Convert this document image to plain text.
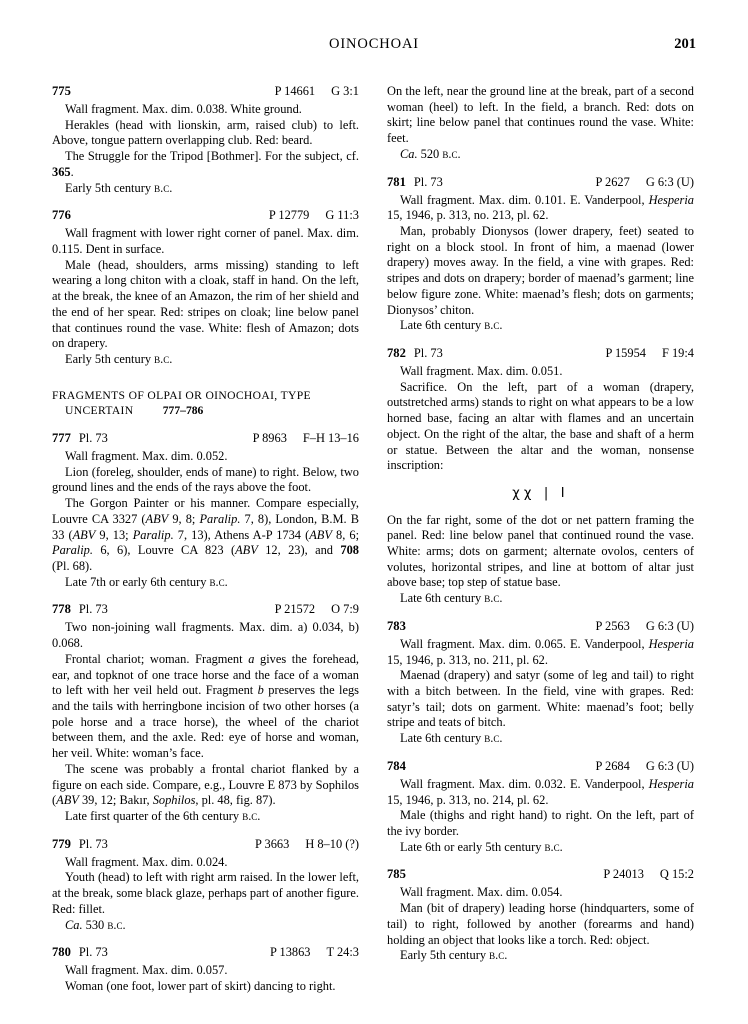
OINOCHOAI	201
775	P 14661 G 3:1

Wall fragment. Max. dim. 0.038. White ground.

Herakles (head with lionskin, arm, raised club) to left. Above, tongue pattern overlapping club. Red: beard.

The Struggle for the Tripod [Bothmer]. For the subject, cf. 365.

Early 5th century b.c.

776	P 12779 G 11:3

Wall fragment with lower right corner of panel. Max. dim. 0.115. Dent in surface.

Male (head, shoulders, arms missing) standing to left wearing a long chiton with a cloak, staff in hand. On the left, at the break, the knee of an Amazon, the rim of her shield and the end of her spear. Red: stripes on cloak; line below panel that continues round the vase. White: flesh of Amazon; dots on drapery.

Early 5th century b.c.

FRAGMENTS OF OLPAI OR OINOCHOAI, TYPE
UNCERTAIN	777–786
777 Pl. 73	P 8963 F–H 13–16

Wall fragment. Max. dim. 0.052.

Lion (foreleg, shoulder, ends of mane) to right. Below, two ground lines and the ends of the rays above the foot.

The Gorgon Painter or his manner. Compare especially, Louvre CA 3327 (ABV 9, 8; Paralip. 7, 8), London, B.M. B 33 (ABV 9, 13; Paralip. 7, 13), Athens A-P 1734 (ABV 8, 6; Paralip. 6, 6), Louvre CA 823 (ABV 12, 23), and 708 (Pl. 68).

Late 7th or early 6th century b.c.

778 Pl. 73	P 21572 O 7:9

Two non-joining wall fragments. Max. dim. a) 0.034, b) 0.068.

Frontal chariot; woman. Fragment a gives the forehead, ear, and topknot of one trace horse and the face of a woman to left with her veil held out. Fragment b preserves the legs and the tails with herringbone incision of two other horses (a pole horse and a trace horse), the wheel of the chariot between them, and the axle. Red: eye of horse and woman, her veil. White: woman’s face.

The scene was probably a frontal chariot flanked by a figure on each side. Compare, e.g., Louvre E 873 by Sophilos (ABV 39, 12; Bakır, Sophilos, pl. 48, fig. 87).

Late first quarter of the 6th century b.c.

779 Pl. 73	P 3663 H 8–10 (?)

Wall fragment. Max. dim. 0.024.

Youth (head) to left with right arm raised. In the lower left, at the break, some black glaze, perhaps part of another figure. Red: fillet.

Ca. 530 b.c.

780 Pl. 73	P 13863 T 24:3

Wall fragment. Max. dim. 0.057.

Woman (one foot, lower part of skirt) dancing to right.

On the left, near the ground line at the break, part of a second woman (heel) to left. In the field, a branch. Red: dots on skirt; line below panel that continues round the vase. White: feet.

Ca. 520 b.c.

781 Pl. 73	P 2627 G 6:3 (U)

Wall fragment. Max. dim. 0.101. E. Vanderpool, Hesperia 15, 1946, p. 313, no. 213, pl. 62.

Man, probably Dionysos (lower drapery, feet) seated to right on a block stool. In front of him, a maenad (lower drapery) moves away. In the field, a vine with grapes. Red: stripes and dots on drapery; border of maenad’s garment; line below figure zone. White: maenad’s flesh; dots on garments; Dionysos’ chiton.

Late 6th century b.c.

782 Pl. 73	P 15954 F 19:4

Wall fragment. Max. dim. 0.051.

Sacrifice. On the left, part of a woman (drapery, outstretched arms) stands to right on what appears to be a low horned base, facing an altar with flames and an uncertain object. On the right of the altar, the base and shaft of a herm or statue. Between the altar and the woman, nonsense inscription:

χχ | Ι

On the far right, some of the dot or net pattern framing the panel. Red: line below panel that continued round the vase. White: arms; dots on garment; alternate ovolos, centers of volutes, horizontal stripes, and line at bottom of altar just above base; top step of statue base.

Late 6th century b.c.

783	P 2563 G 6:3 (U)

Wall fragment. Max. dim. 0.065. E. Vanderpool, Hesperia 15, 1946, p. 313, no. 211, pl. 62.

Maenad (drapery) and satyr (some of leg and tail) to right with a bitch between. In the field, vine with grapes. Red: satyr’s tail; dots on garment. White: maenad’s foot; belly stripe and teats of bitch.

Late 6th century b.c.

784	P 2684 G 6:3 (U)

Wall fragment. Max. dim. 0.032. E. Vanderpool, Hesperia 15, 1946, p. 313, no. 214, pl. 62.

Male (thighs and right hand) to right. On the left, part of the ivy border.

Late 6th or early 5th century b.c.

785	P 24013 Q 15:2

Wall fragment. Max. dim. 0.054.

Man (bit of drapery) leading horse (hindquarters, some of tail) to right, followed by another (forearms and hand) holding an object that looks like a torch. Red: object.

Early 5th century b.c.
